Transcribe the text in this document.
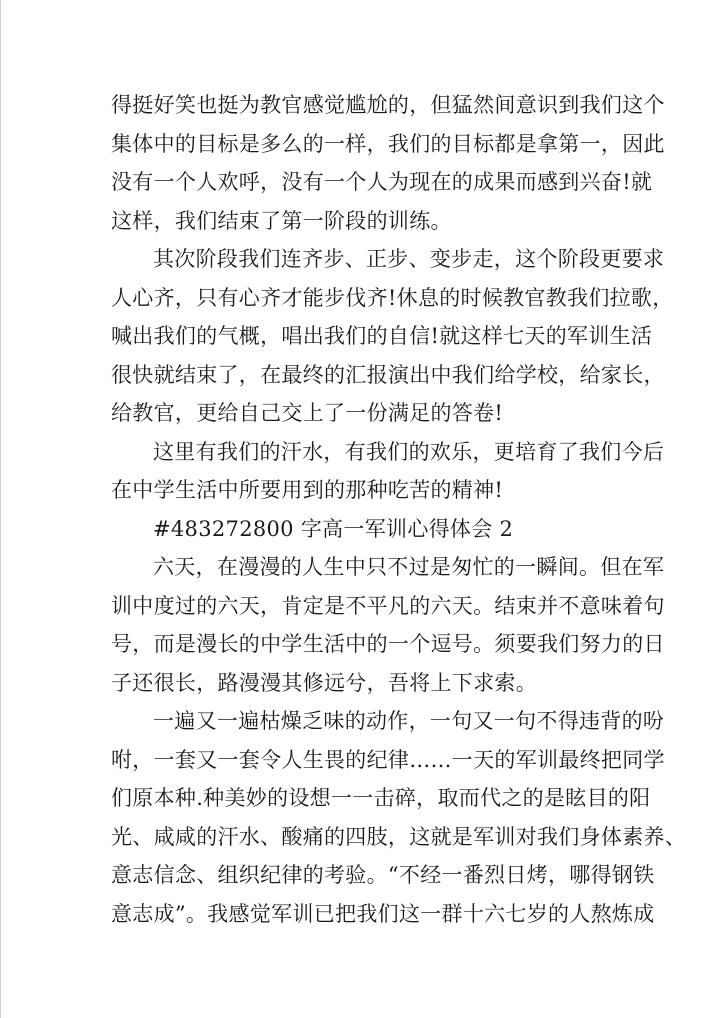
得挺好笑也挺为教官感觉尴尬的，但猛然间意识到我们这个
集体中的目标是多么的一样，我们的目标都是拿第一，因此
没有一个人欢呼，没有一个人为现在的成果而感到兴奋!就
这样，我们结束了第一阶段的训练。

其次阶段我们连齐步、正步、变步走，这个阶段更要求
人心齐，只有心齐才能步伐齐!休息的时候教官教我们拉歌，
喊出我们的气概，唱出我们的自信!就这样七天的军训生活
很快就结束了，在最终的汇报演出中我们给学校，给家长，
给教官，更给自己交上了一份满足的答卷!

这里有我们的汗水，有我们的欢乐，更培育了我们今后
在中学生活中所要用到的那种吃苦的精神!

#483272800 字高一军训心得体会 2

六天，在漫漫的人生中只不过是匆忙的一瞬间。但在军
训中度过的六天，肯定是不平凡的六天。结束并不意味着句
号，而是漫长的中学生活中的一个逗号。须要我们努力的日
子还很长，路漫漫其修远兮，吾将上下求索。

一遍又一遍枯燥乏味的动作，一句又一句不得违背的吩
咐，一套又一套令人生畏的纪律……一天的军训最终把同学
们原本种.种美妙的设想一一击碎，取而代之的是眩目的阳
光、咸咸的汗水、酸痛的四肢，这就是军训对我们身体素养、
意志信念、组织纪律的考验。“不经一番烈日烤，哪得钢铁
意志成”。我感觉军训已把我们这一群十六七岁的人熬炼成
